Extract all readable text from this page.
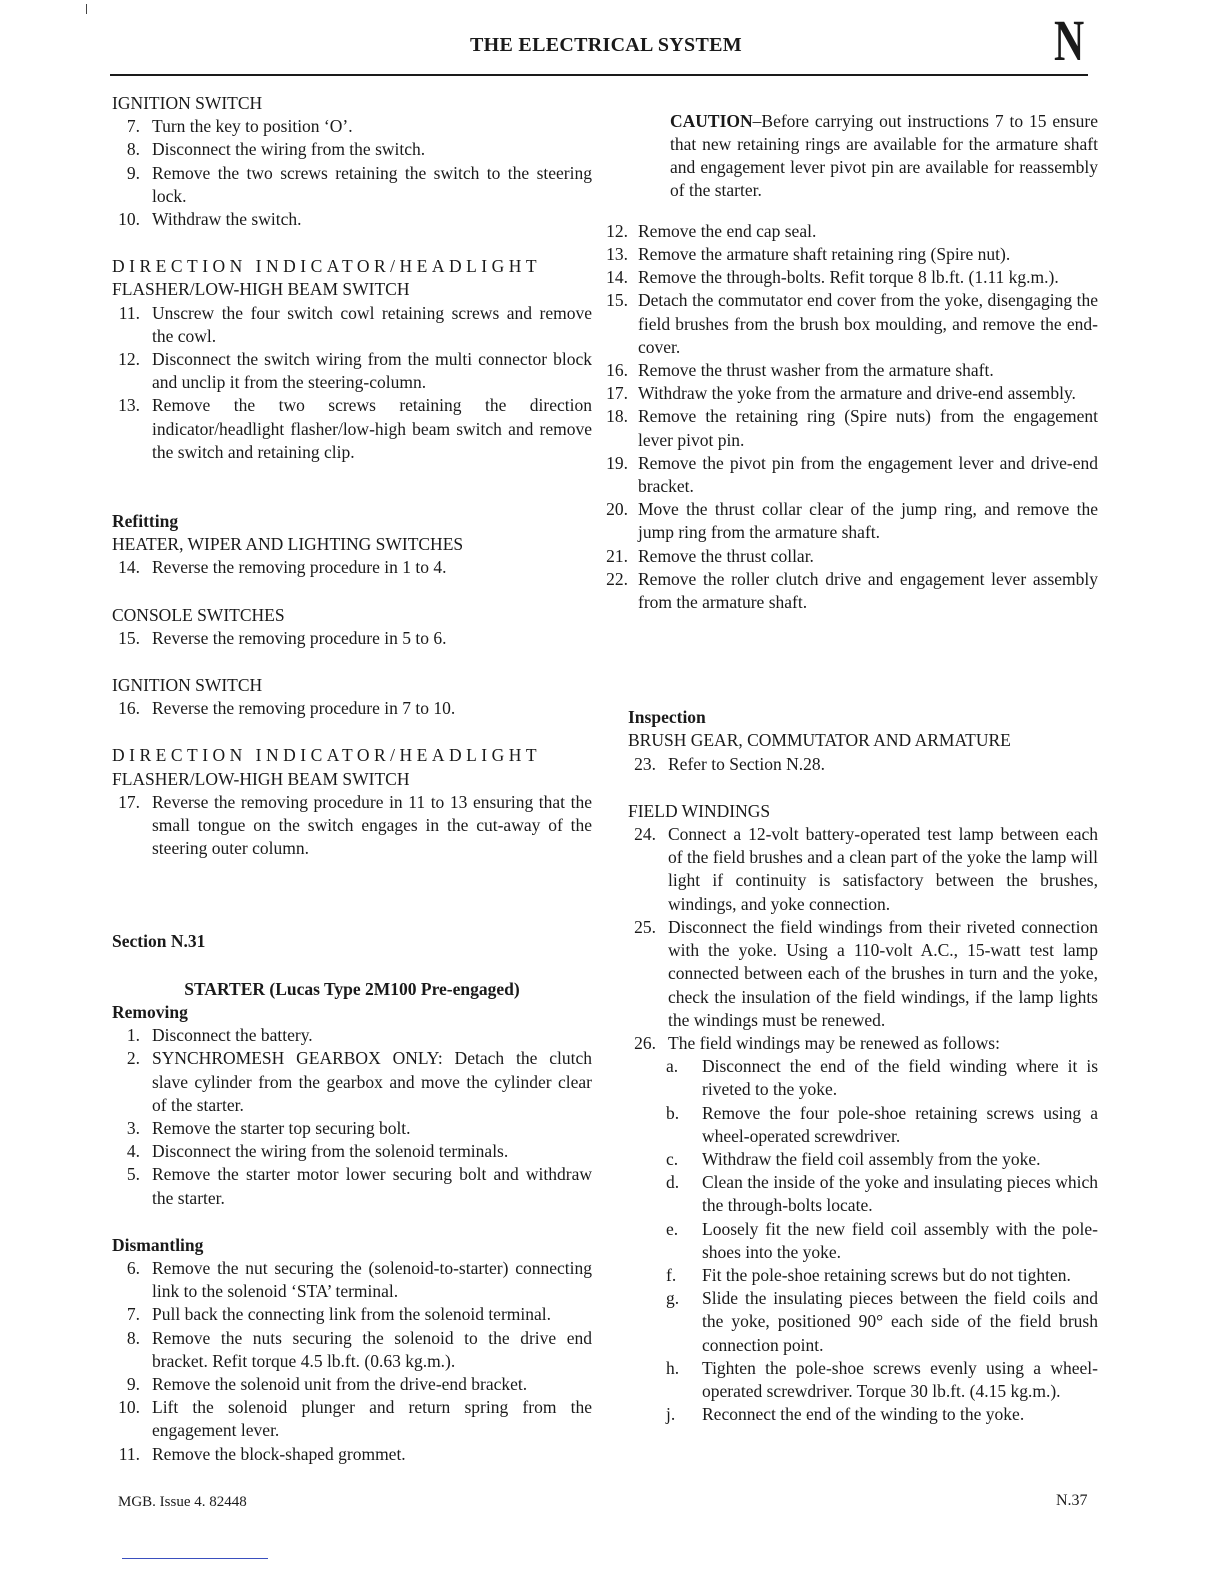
THE ELECTRICAL SYSTEM	N

IGNITION SWITCH

7. Turn the key to position ‘O’.
8. Disconnect the wiring from the switch.
9. Remove the two screws retaining the switch to the steering lock.
10. Withdraw the switch.

DIRECTION INDICATOR/HEADLIGHT

FLASHER/LOW-HIGH BEAM SWITCH

11. Unscrew the four switch cowl retaining screws and remove the cowl.
12. Disconnect the switch wiring from the multi connector block and unclip it from the steering-column.
13. Remove the two screws retaining the direction indicator/headlight flasher/low-high beam switch and remove the switch and retaining clip.

Refitting

HEATER, WIPER AND LIGHTING SWITCHES

14. Reverse the removing procedure in 1 to 4.

CONSOLE SWITCHES

15. Reverse the removing procedure in 5 to 6.

IGNITION SWITCH

16. Reverse the removing procedure in 7 to 10.

DIRECTION INDICATOR/HEADLIGHT

FLASHER/LOW-HIGH BEAM SWITCH

17. Reverse the removing procedure in 11 to 13 ensuring that the small tongue on the switch engages in the cut-away of the steering outer column.

Section N.31

STARTER (Lucas Type 2M100 Pre-engaged)

Removing

1. Disconnect the battery.
2. SYNCHROMESH GEARBOX ONLY: Detach the clutch slave cylinder from the gearbox and move the cylinder clear of the starter.
3. Remove the starter top securing bolt.
4. Disconnect the wiring from the solenoid terminals.
5. Remove the starter motor lower securing bolt and withdraw the starter.

Dismantling

6. Remove the nut securing the (solenoid-to-starter) connecting link to the solenoid ‘STA’ terminal.
7. Pull back the connecting link from the solenoid terminal.
8. Remove the nuts securing the solenoid to the drive end bracket. Refit torque 4.5 lb.ft. (0.63 kg.m.).
9. Remove the solenoid unit from the drive-end bracket.
10. Lift the solenoid plunger and return spring from the engagement lever.
11. Remove the block-shaped grommet.

CAUTION–Before carrying out instructions 7 to 15 ensure that new retaining rings are available for the armature shaft and engagement lever pivot pin are available for reassembly of the starter.

12. Remove the end cap seal.
13. Remove the armature shaft retaining ring (Spire nut).
14. Remove the through-bolts. Refit torque 8 lb.ft. (1.11 kg.m.).
15. Detach the commutator end cover from the yoke, disengaging the field brushes from the brush box moulding, and remove the end-cover.
16. Remove the thrust washer from the armature shaft.
17. Withdraw the yoke from the armature and drive-end assembly.
18. Remove the retaining ring (Spire nuts) from the engagement lever pivot pin.
19. Remove the pivot pin from the engagement lever and drive-end bracket.
20. Move the thrust collar clear of the jump ring, and remove the jump ring from the armature shaft.
21. Remove the thrust collar.
22. Remove the roller clutch drive and engagement lever assembly from the armature shaft.

Inspection

BRUSH GEAR, COMMUTATOR AND ARMATURE

23. Refer to Section N.28.

FIELD WINDINGS

24. Connect a 12-volt battery-operated test lamp between each of the field brushes and a clean part of the yoke the lamp will light if continuity is satisfactory between the brushes, windings, and yoke connection.
25. Disconnect the field windings from their riveted connection with the yoke. Using a 110-volt A.C., 15-watt test lamp connected between each of the brushes in turn and the yoke, check the insulation of the field windings, if the lamp lights the windings must be renewed.
26. The field windings may be renewed as follows:
a.	Disconnect the end of the field winding where it is riveted to the yoke.
b.	Remove the four pole-shoe retaining screws using a wheel-operated screwdriver.
c.	Withdraw the field coil assembly from the yoke.
d.	Clean the inside of the yoke and insulating pieces which the through-bolts locate.
e.	Loosely fit the new field coil assembly with the pole-shoes into the yoke.
f.	Fit the pole-shoe retaining screws but do not tighten.
g.	Slide the insulating pieces between the field coils and the yoke, positioned 90° each side of the field brush connection point.
h.	Tighten the pole-shoe screws evenly using a wheel-operated screwdriver. Torque 30 lb.ft. (4.15 kg.m.).
j.	Reconnect the end of the winding to the yoke.
MGB. Issue 4. 82448	N.37
